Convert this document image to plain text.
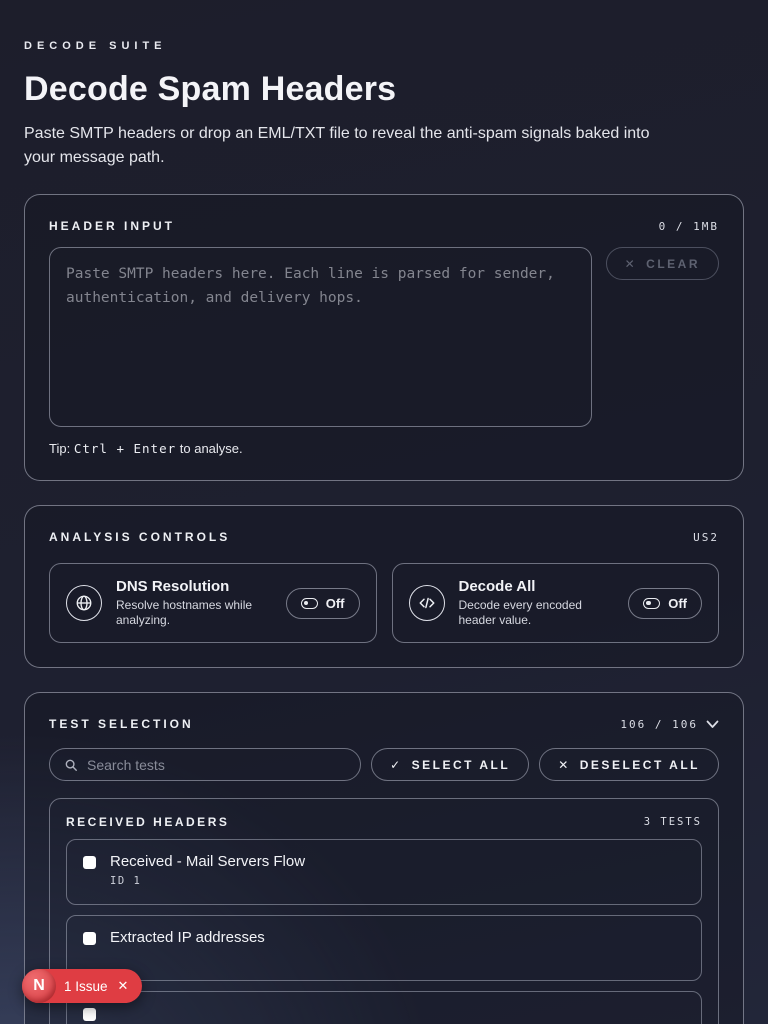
DECODE SUITE
Decode Spam Headers

Paste SMTP headers or drop an EML/TXT file to reveal the anti-spam signals baked into your message path.

HEADER INPUT	0 / 1MB
Paste SMTP headers here. Each line is parsed for sender, authentication, and delivery hops.
✕ CLEAR
Tip: Ctrl + Enter to analyse.
ANALYSIS CONTROLS	US2
DNS Resolution
Resolve hostnames while analyzing.
Off
Decode All
Decode every encoded header value.
Off
TEST SELECTION	106 / 106
Search tests
✓ SELECT ALL	✕ DESELECT ALL
RECEIVED HEADERS	3 TESTS
Received - Mail Servers Flow
ID 1
Extracted IP addresses
N	1 Issue ✕
